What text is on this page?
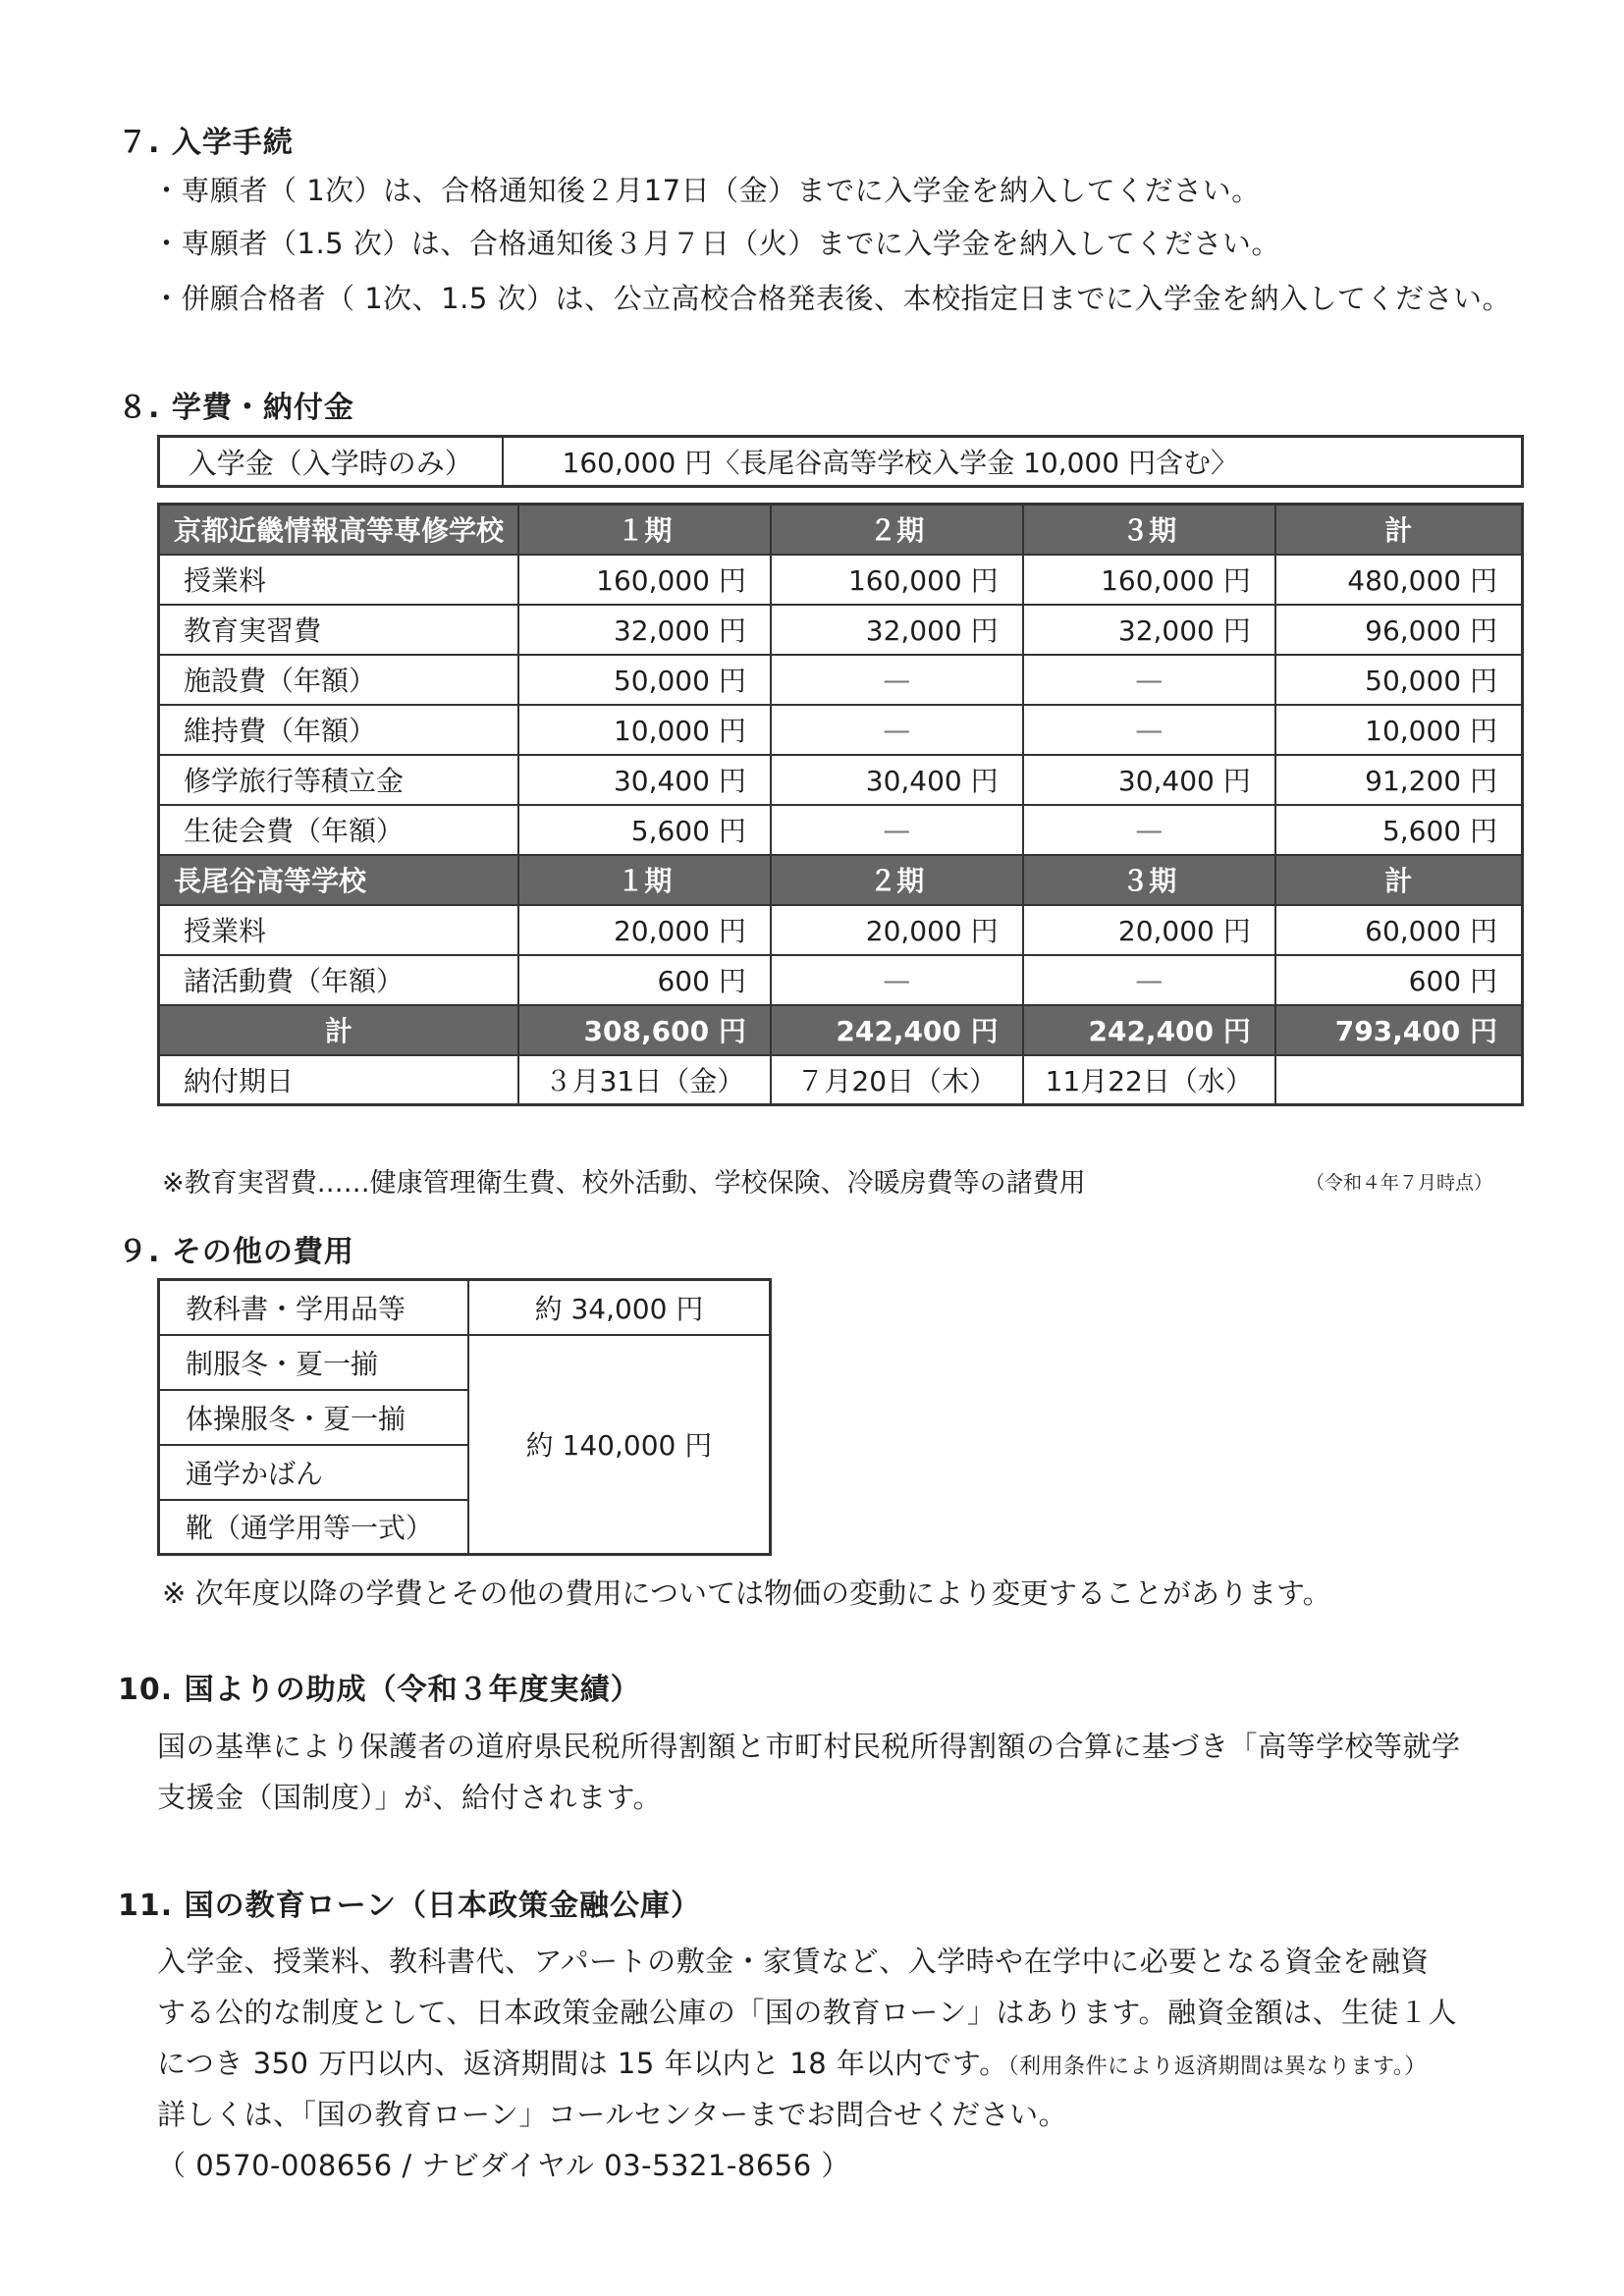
７. 入学手続
・専願者（ 1次）は、合格通知後２月17日（金）までに入学金を納入してください。
・専願者（1.5 次）は、合格通知後３月７日（火）までに入学金を納入してください。
・併願合格者（ 1次、1.5 次）は、公立高校合格発表後、本校指定日までに入学金を納入してください。
８. 学費・納付金
入学金（入学時のみ）	160,000 円〈長尾谷高等学校入学金 10,000 円含む〉
京都近畿情報高等専修学校	１期	２期	３期	計
授業料	160,000 円	160,000 円	160,000 円	480,000 円
教育実習費	32,000 円	32,000 円	32,000 円	96,000 円
施設費（年額）	50,000 円	—	—	50,000 円
維持費（年額）	10,000 円	—	—	10,000 円
修学旅行等積立金	30,400 円	30,400 円	30,400 円	91,200 円
生徒会費（年額）	5,600 円	—	—	5,600 円
長尾谷高等学校	１期	２期	３期	計
授業料	20,000 円	20,000 円	20,000 円	60,000 円
諸活動費（年額）	600 円	—	—	600 円
計	308,600 円	242,400 円	242,400 円	793,400 円
納付期日	３月31日（金）	７月20日（木）	11月22日（水）	
※教育実習費……健康管理衛生費、校外活動、学校保険、冷暖房費等の諸費用	（令和４年７月時点）
９. その他の費用
教科書・学用品等	約 34,000 円
制服冬・夏一揃	約 140,000 円
体操服冬・夏一揃	
通学かばん	
靴（通学用等一式）	
※ 次年度以降の学費とその他の費用については物価の変動により変更することがあります。
10. 国よりの助成（令和３年度実績）
国の基準により保護者の道府県民税所得割額と市町村民税所得割額の合算に基づき「高等学校等就学
支援金（国制度）」が、給付されます。
11. 国の教育ローン（日本政策金融公庫）
入学金、授業料、教科書代、アパートの敷金・家賃など、入学時や在学中に必要となる資金を融資
する公的な制度として、日本政策金融公庫の「国の教育ローン」はあります。融資金額は、生徒１人
につき 350 万円以内、返済期間は 15 年以内と 18 年以内です。（利用条件により返済期間は異なります。）
詳しくは、「国の教育ローン」コールセンターまでお問合せください。
（ 0570-008656 / ナビダイヤル 03-5321-8656 ）
